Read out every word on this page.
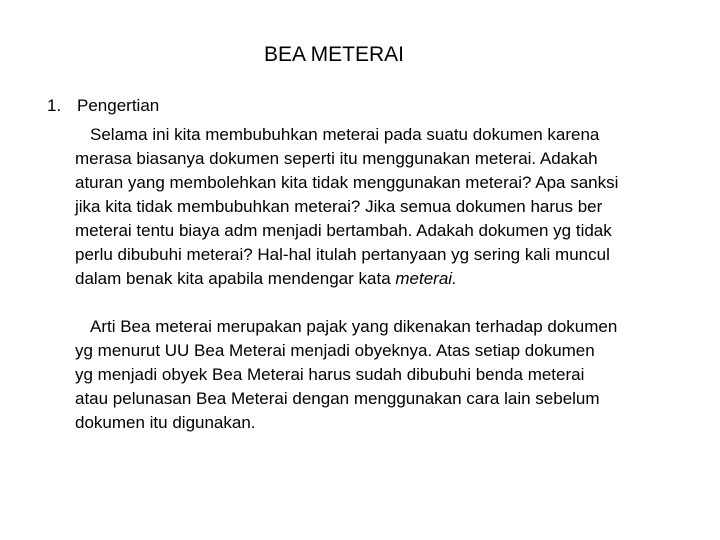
BEA METERAI
1. Pengertian
Selama ini kita membubuhkan meterai pada suatu dokumen karena
merasa biasanya dokumen seperti itu menggunakan meterai. Adakah
aturan yang membolehkan kita tidak menggunakan meterai? Apa sanksi
jika kita tidak membubuhkan meterai? Jika semua dokumen harus ber
meterai tentu biaya adm menjadi bertambah. Adakah dokumen yg tidak
perlu dibubuhi meterai? Hal-hal itulah pertanyaan yg sering kali muncul
dalam benak kita apabila mendengar kata meterai.
Arti Bea meterai merupakan pajak yang dikenakan terhadap dokumen
yg menurut UU Bea Meterai menjadi obyeknya. Atas setiap dokumen
yg menjadi obyek Bea Meterai harus sudah dibubuhi benda meterai
atau pelunasan Bea Meterai dengan menggunakan cara lain sebelum
dokumen itu digunakan.
